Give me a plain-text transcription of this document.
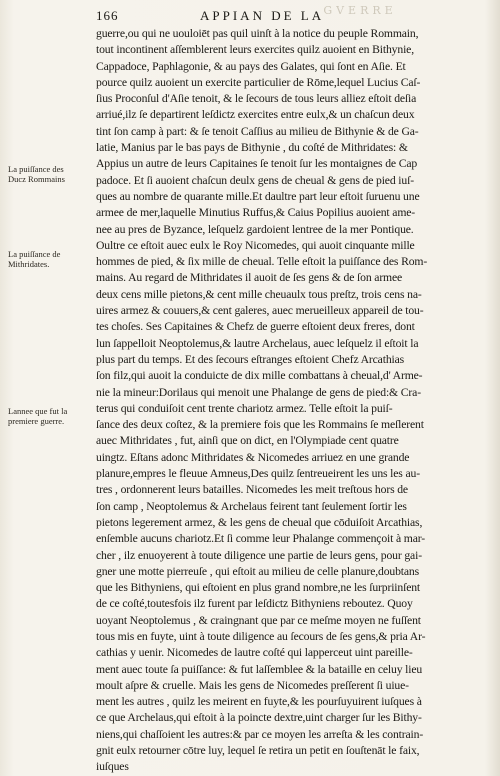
GVERRE
166	APPIAN DE LA
La puiſſance des
Ducz Rommains
La puiſſance de
Mithridates.
Lannee que fut la
premiere guerre.
guerre,ou qui ne uouloiēt pas quil uinſt à la notice du peuple Rommain,
tout incontinent aſſemblerent leurs exercites quilz auoient en Bithynie,
Cappadoce, Paphlagonie, & au pays des Galates, qui ſont en Aſie. Et
pource quilz auoient un exercite particulier de Rōme,lequel Lucius Caſ-
ſius Proconſul d'Aſie tenoit, & le ſecours de tous leurs alliez eſtoit deſia
arriué,ilz ſe departirent leſdictz exercites entre eulx,& un chaſcun deux
tint ſon camp à part: & ſe tenoit Caſſius au milieu de Bithynie & de Ga-
latie, Manius par le bas pays de Bithynie , du coſté de Mithridates: &
Appius un autre de leurs Capitaines ſe tenoit ſur les montaignes de Cap
padoce. Et ſi auoient chaſcun deulx gens de cheual & gens de pied iuſ-
ques au nombre de quarante mille.Et daultre part leur eſtoit ſuruenu une
armee de mer,laquelle Minutius Ruffus,& Caius Popilius auoient ame-
nee au pres de Byzance, leſquelz gardoient lentree de la mer Pontique.
Oultre ce eſtoit auec eulx le Roy Nicomedes, qui auoit cinquante mille
hommes de pied, & ſix mille de cheual. Telle eſtoit la puiſſance des Rom-
mains. Au regard de Mithridates il auoit de ſes gens & de ſon armee
deux cens mille pietons,& cent mille cheuaulx tous preſtz, trois cens na-
uires armez & couuers,& cent galeres, auec merueilleux appareil de tou-
tes choſes. Ses Capitaines & Chefz de guerre eſtoient deux freres, dont
lun ſappelloit Neoptolemus,& lautre Archelaus, auec leſquelz il eſtoit la
plus part du temps. Et des ſecours eſtranges eſtoient Chefz Arcathias
ſon filz,qui auoit la conduicte de dix mille combattans à cheual,d' Arme-
nie la mineur:Dorilaus qui menoit une Phalange de gens de pied:& Cra-
terus qui conduiſoit cent trente chariotz armez. Telle eſtoit la puiſ-
ſance des deux coſtez, & la premiere fois que les Rommains ſe meſlerent
auec Mithridates , fut, ainſi que on dict, en l'Olympiade cent quatre
uingtz. Eſtans adonc Mithridates & Nicomedes arriuez en une grande
planure,empres le fleuue Amneus,Des quilz ſentreueirent les uns les au-
tres , ordonnerent leurs batailles. Nicomedes les meit treſtous hors de
ſon camp , Neoptolemus & Archelaus feirent tant ſeulement ſortir les
pietons legerement armez, & les gens de cheual que cōduiſoit Arcathias,
enſemble aucuns chariotz.Et ſi comme leur Phalange commençoit à mar-
cher , ilz enuoyerent à toute diligence une partie de leurs gens, pour gai-
gner une motte pierreuſe , qui eſtoit au milieu de celle planure,doubtans
que les Bithyniens, qui eſtoient en plus grand nombre,ne les ſurpriinſent
de ce coſté,toutesfois ilz furent par leſdictz Bithyniens reboutez. Quoy
uoyant Neoptolemus , & craingnant que par ce meſme moyen ne fuſſent
tous mis en fuyte, uint à toute diligence au ſecours de ſes gens,& pria Ar-
cathias y uenir. Nicomedes de lautre coſté qui lapperceut uint pareille-
ment auec toute ſa puiſſance: & fut laſſemblee & la bataille en celuy lieu
moult aſpre & cruelle. Mais les gens de Nicomedes preſſerent ſi uiue-
ment les autres , quilz les meirent en fuyte,& les pourſuyuirent iuſques à
ce que Archelaus,qui eſtoit à la poincte dextre,uint charger ſur les Bithy-
niens,qui chaſſoient les autres:& par ce moyen les arreſta & les contrain-
gnit eulx retourner cōtre luy, lequel ſe retira un petit en ſouſtenāt le faix,
iuſques
